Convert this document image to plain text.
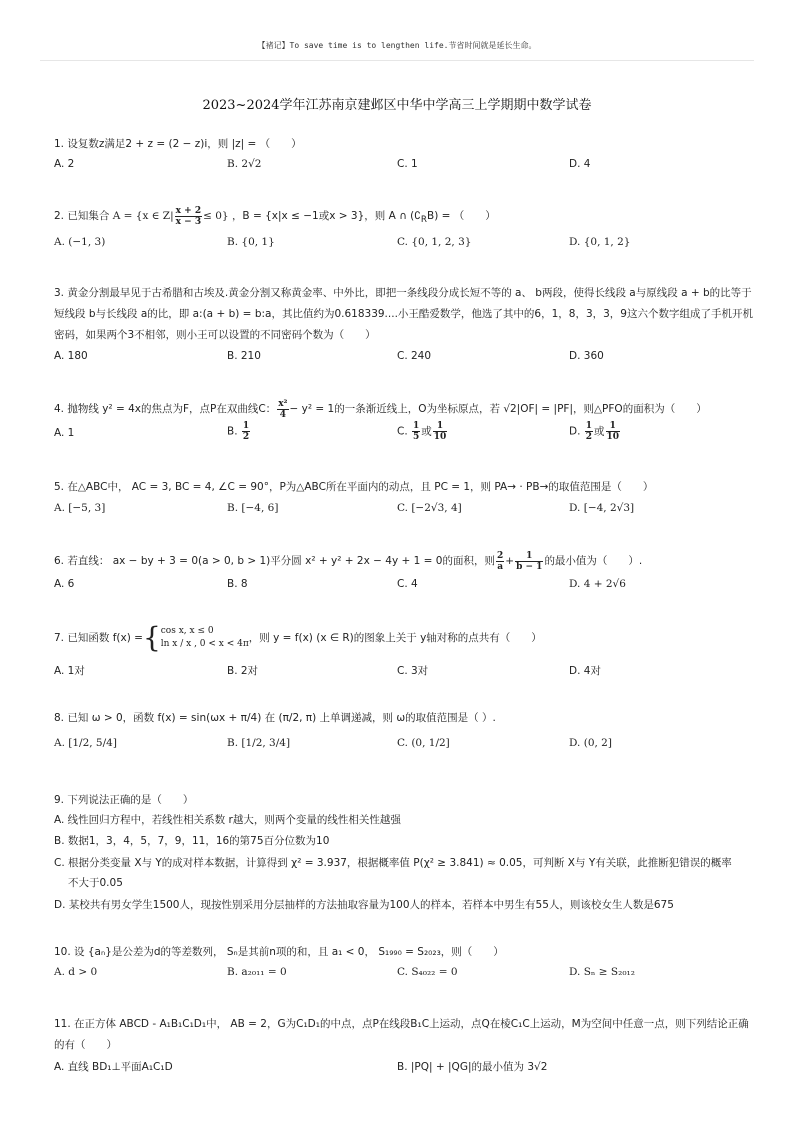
【褚记】To save time is to lengthen life.节省时间就是延长生命。
2023~2024学年江苏南京建邺区中华中学高三上学期期中数学试卷
1. 设复数z满足2 + z = (2 − z)i，则 |z| = （　　）
A. 2	B. 2√2	C. 1	D. 4
2. 已知集合 A = {x ∈ $Z| \frac{x + 2}{x - 3} \le 0$} ，B = {x|x ≤ −1或x > 3}，则 A ∩ $(∁_RB)$ = （　　）
A. (−1, 3)	B. {0, 1}	C. {0, 1, 2, 3}	D. {0, 1, 2}
3. 黄金分割最早见于古希腊和古埃及.黄金分割又称黄金率、中外比，即把一条线段分成长短不等的 a、 b两段，使得长线段 a与原线段 a + b的比等于短线段 b与长线段 a的比，即 a:(a + b) = b:a，其比值约为0.618339....小王酷爱数学，他选了其中的6，1，8，3，3，9这六个数字组成了手机开机密码，如果两个3不相邻，则小王可以设置的不同密码个数为（　　）
A. 180	B. 210	C. 240	D. 360
4. 抛物线 y² = 4x的焦点为F，点P在双曲线C： $\frac{\text{x²}}{4} - y^2 = 1$的一条渐近线上，O为坐标原点，若 √2|OF| = |PF|，则△PFO的面积为（　　）
A. 1	B. $\frac{1}{2}$	C. $\frac{1}{5}$ 或 $\frac{1}{10}$	D. $\frac{1}{2}$ 或 $\frac{1}{10}$
5. 在△ABC中， AC = 3, BC = 4, ∠C = 90°，P为△ABC所在平面内的动点，且 PC = 1，则 PA→ · PB→的取值范围是（　　）
A. [−5, 3]	B. [−4, 6]	C. [−2√3, 4]	D. [−4, 2√3]
6. 若直线： ax − by + 3 = 0(a > 0, b > 1)平分圆 x² + y² + 2x − 4y + 1 = 0的面积，则 $\frac{2}{a} + \frac{1}{b - 1}$ 的最小值为（　　）.
A. 6	B. 8	C. 4	D. 4 + 2√6
7. 已知函数 f(x) ={ cos x, x ≤ 0
ln x / x , 0 < x < 4π ，则 y = f(x) (x ∈ R)的图象上关于 y轴对称的点共有（　　）
A. 1对	B. 2对	C. 3对	D. 4对
8. 已知 ω > 0，函数 f(x) = sin(ωx + π/4) 在 (π/2, π) 上单调递减，则 ω的取值范围是（ ）.
A. [1/2, 5/4]	B. [1/2, 3/4]	C. (0, 1/2]	D. (0, 2]
9. 下列说法正确的是（　　）
A. 线性回归方程中，若线性相关系数 r越大，则两个变量的线性相关性越强
B. 数据1，3，4，5，7，9，11，16的第75百分位数为10
C. 根据分类变量 X与 Y的成对样本数据，计算得到 χ² = 3.937，根据概率值 P(χ² ≥ 3.841) ≈ 0.05，可判断 X与 Y有关联，此推断犯错误的概率
不大于0.05
D. 某校共有男女学生1500人，现按性别采用分层抽样的方法抽取容量为100人的样本，若样本中男生有55人，则该校女生人数是675
10. 设 {aₙ}是公差为d的等差数列， Sₙ是其前n项的和，且 a₁ < 0， S₁₉₉₀ = S₂₀₂₃，则（　　）
A. d > 0	B. a₂₀₁₁ = 0	C. S₄₀₂₂ = 0	D. Sₙ ≥ S₂₀₁₂
11. 在正方体 ABCD - A₁B₁C₁D₁中， AB = 2，G为C₁D₁的中点，点P在线段B₁C上运动，点Q在棱C₁C上运动，M为空间中任意一点，则下列结论正确的有（　　）
A. 直线 BD₁⊥平面A₁C₁D	B. |PQ| + |QG|的最小值为 3√2
